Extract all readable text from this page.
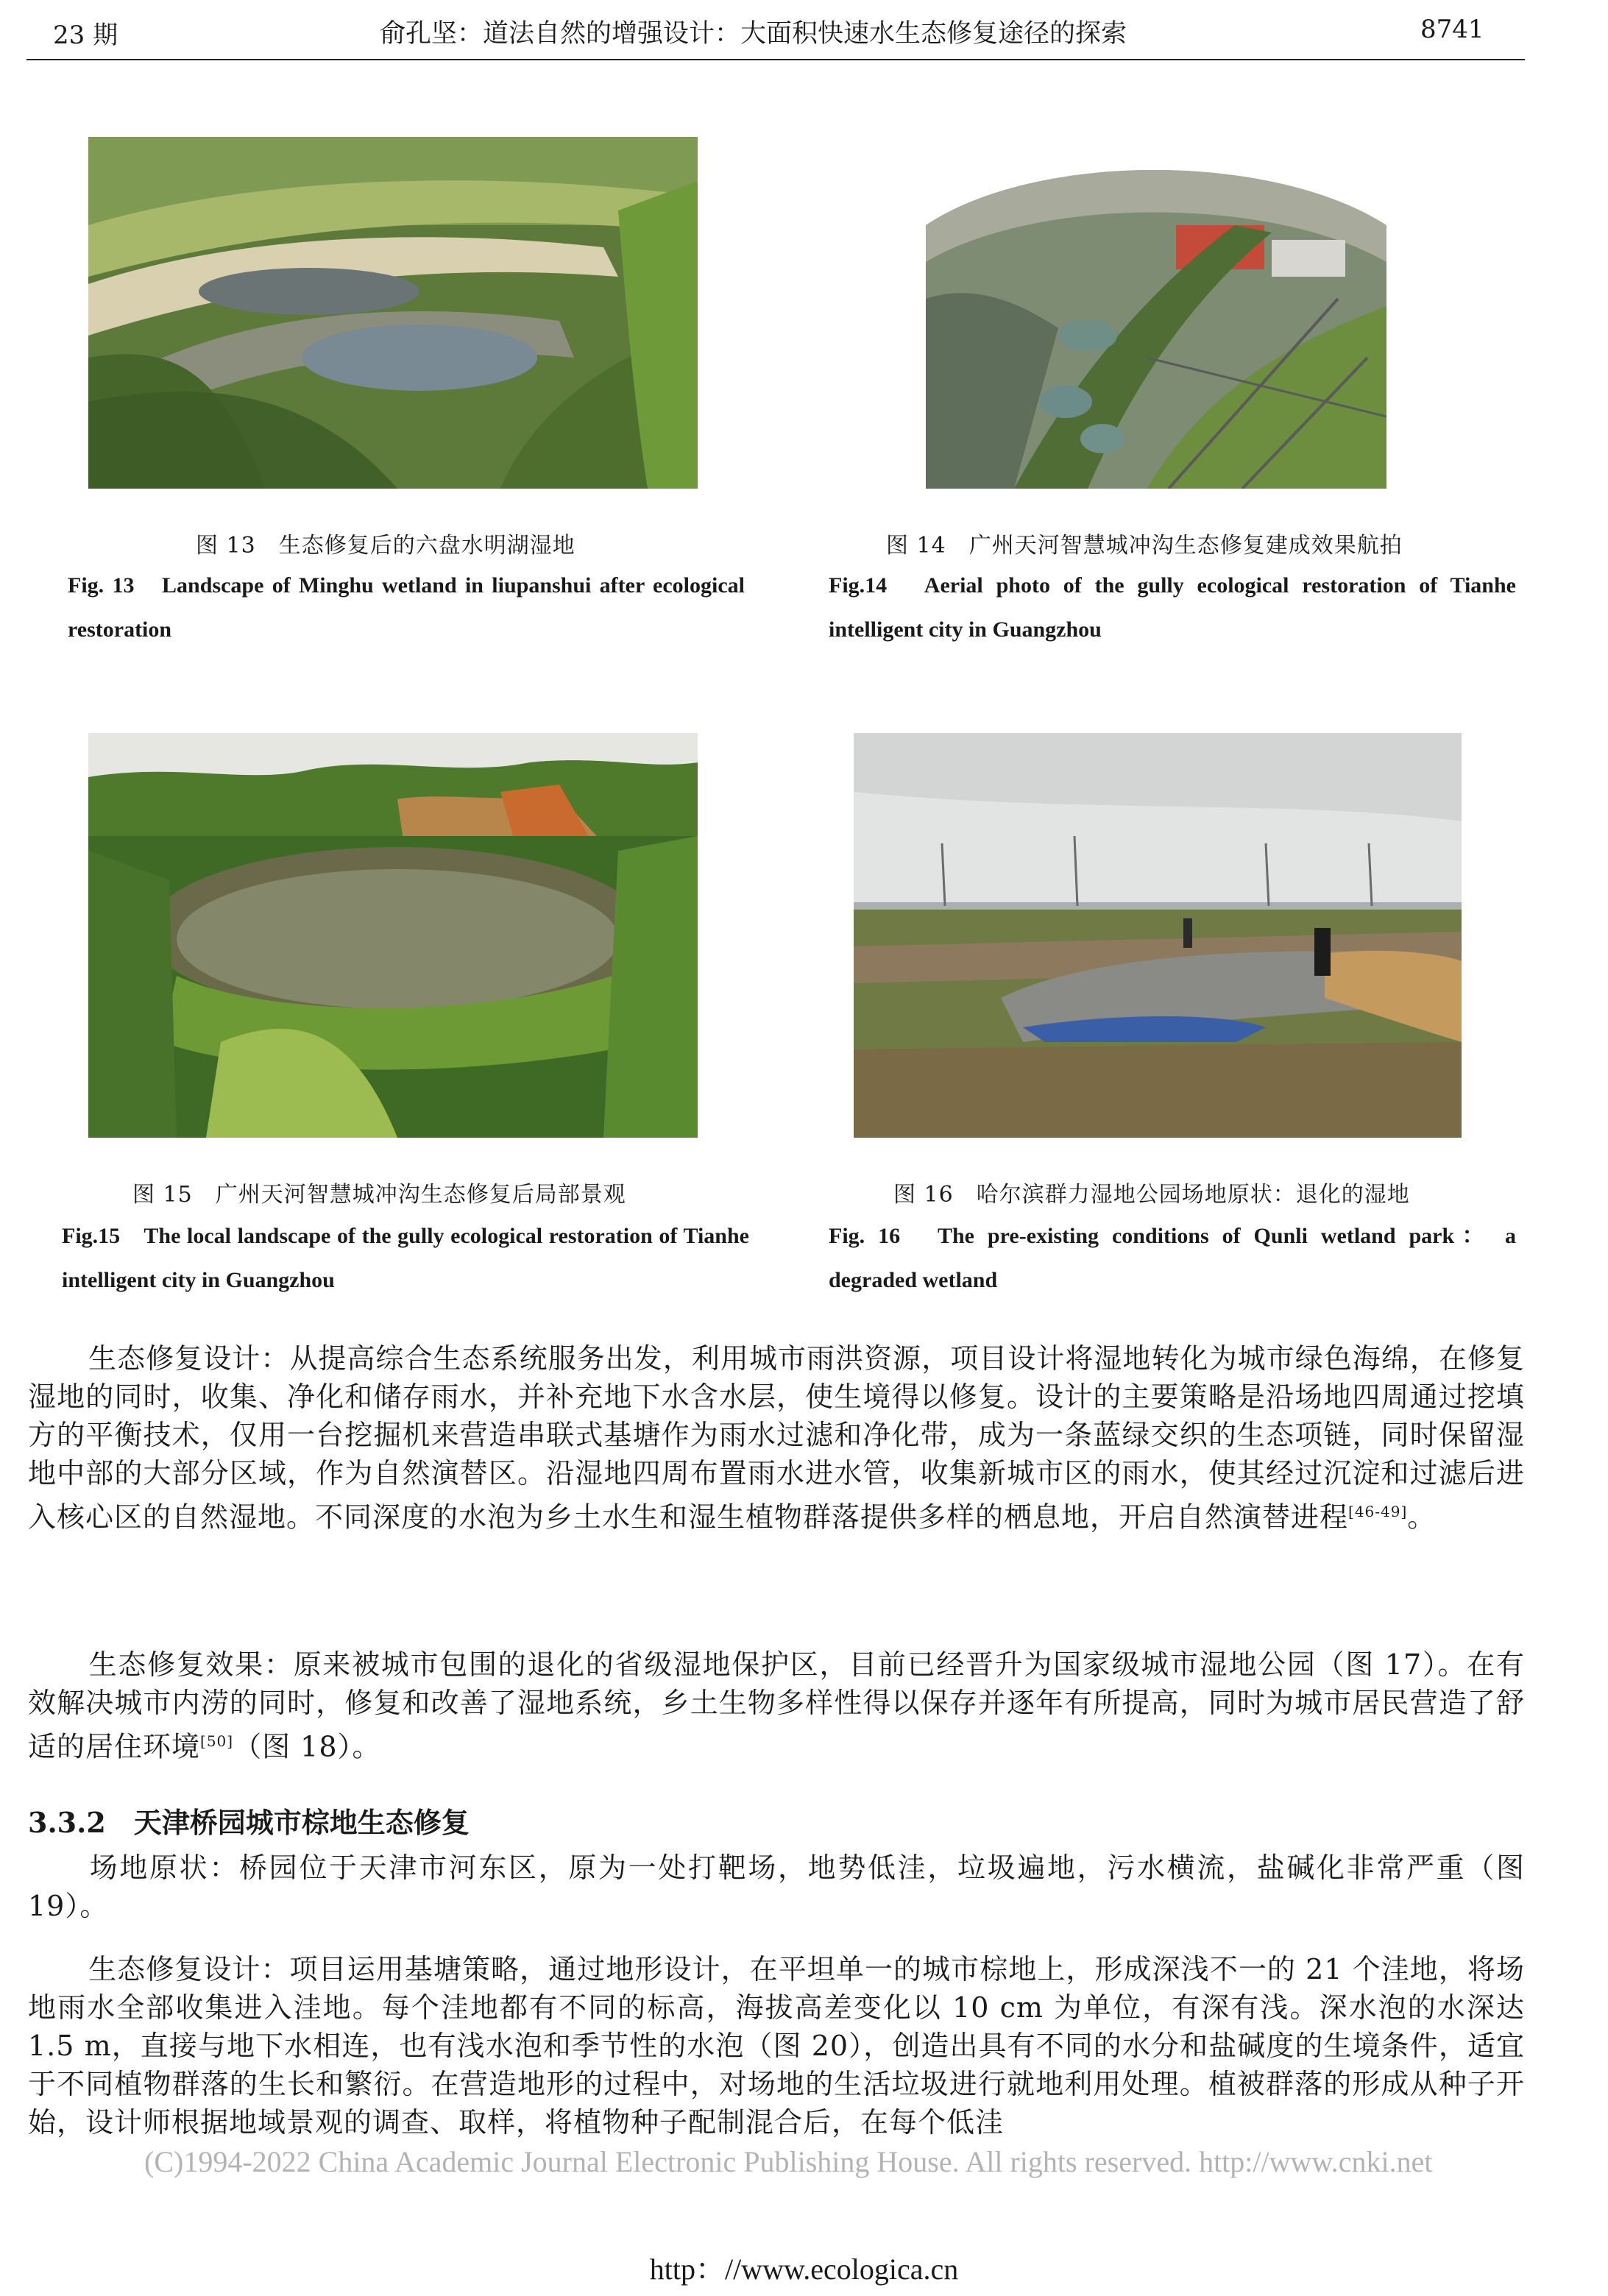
23 期	俞孔坚：道法自然的增强设计：大面积快速水生态修复途径的探索	8741
图 13　生态修复后的六盘水明湖湿地
Fig. 13　Landscape of Minghu wetland in liupanshui after ecological restoration
图 14　广州天河智慧城冲沟生态修复建成效果航拍
Fig.14　Aerial photo of the gully ecological restoration of Tianhe intelligent city in Guangzhou
图 15　广州天河智慧城冲沟生态修复后局部景观
Fig.15　The local landscape of the gully ecological restoration of Tianhe intelligent city in Guangzhou
图 16　哈尔滨群力湿地公园场地原状：退化的湿地
Fig. 16　The pre-existing conditions of Qunli wetland park： a degraded wetland
生态修复设计：从提高综合生态系统服务出发，利用城市雨洪资源，项目设计将湿地转化为城市绿色海绵，在修复湿地的同时，收集、净化和储存雨水，并补充地下水含水层，使生境得以修复。设计的主要策略是沿场地四周通过挖填方的平衡技术，仅用一台挖掘机来营造串联式基塘作为雨水过滤和净化带，成为一条蓝绿交织的生态项链，同时保留湿地中部的大部分区域，作为自然演替区。沿湿地四周布置雨水进水管，收集新城市区的雨水，使其经过沉淀和过滤后进入核心区的自然湿地。不同深度的水泡为乡土水生和湿生植物群落提供多样的栖息地，开启自然演替进程[46-49]。
生态修复效果：原来被城市包围的退化的省级湿地保护区，目前已经晋升为国家级城市湿地公园（图 17）。在有效解决城市内涝的同时，修复和改善了湿地系统，乡土生物多样性得以保存并逐年有所提高，同时为城市居民营造了舒适的居住环境[50]（图 18）。
3.3.2 天津桥园城市棕地生态修复
场地原状：桥园位于天津市河东区，原为一处打靶场，地势低洼，垃圾遍地，污水横流，盐碱化非常严重（图 19）。
生态修复设计：项目运用基塘策略，通过地形设计，在平坦单一的城市棕地上，形成深浅不一的 21 个洼地，将场地雨水全部收集进入洼地。每个洼地都有不同的标高，海拔高差变化以 10 cm 为单位，有深有浅。深水泡的水深达 1.5 m，直接与地下水相连，也有浅水泡和季节性的水泡（图 20），创造出具有不同的水分和盐碱度的生境条件，适宜于不同植物群落的生长和繁衍。在营造地形的过程中，对场地的生活垃圾进行就地利用处理。植被群落的形成从种子开始，设计师根据地域景观的调查、取样，将植物种子配制混合后，在每个低洼
(C)1994-2022 China Academic Journal Electronic Publishing House. All rights reserved. http://www.cnki.net
http：//www.ecologica.cn
